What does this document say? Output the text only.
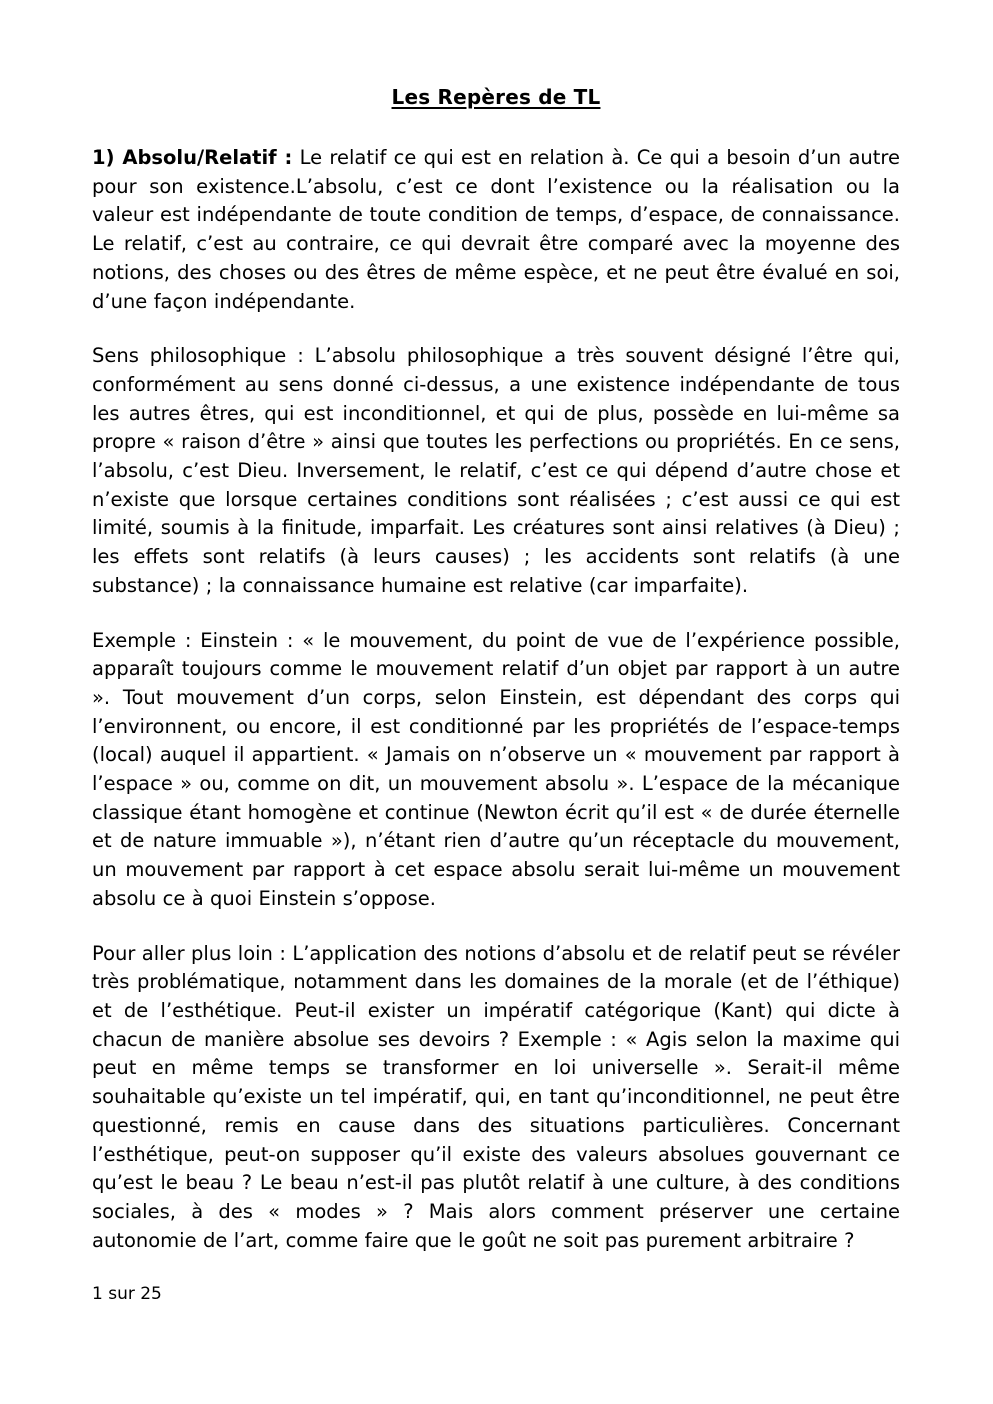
Les Repères de TL

1) Absolu/Relatif : Le relatif ce qui est en relation à. Ce qui a besoin d’un autre pour son existence.L’absolu, c’est ce dont l’existence ou la réalisation ou la valeur est indépendante de toute condition de temps, d’espace, de connaissance. Le relatif, c’est au contraire, ce qui devrait être comparé avec la moyenne des notions, des choses ou des êtres de même espèce, et ne peut être évalué en soi, d’une façon indépendante.

Sens philosophique : L’absolu philosophique a très souvent désigné l’être qui, conformément au sens donné ci-dessus, a une existence indépendante de tous les autres êtres, qui est inconditionnel, et qui de plus, possède en lui-même sa propre « raison d’être » ainsi que toutes les perfections ou propriétés. En ce sens, l’absolu, c’est Dieu. Inversement, le relatif, c’est ce qui dépend d’autre chose et n’existe que lorsque certaines conditions sont réalisées ; c’est aussi ce qui est limité, soumis à la finitude, imparfait. Les créatures sont ainsi relatives (à Dieu) ; les effets sont relatifs (à leurs causes) ; les accidents sont relatifs (à une substance) ; la connaissance humaine est relative (car imparfaite).

Exemple : Einstein : « le mouvement, du point de vue de l’expérience possible, apparaît toujours comme le mouvement relatif d’un objet par rapport à un autre ». Tout mouvement d’un corps, selon Einstein, est dépendant des corps qui l’environnent, ou encore, il est conditionné par les propriétés de l’espace-temps (local) auquel il appartient. « Jamais on n’observe un « mouvement par rapport à l’espace » ou, comme on dit, un mouvement absolu ». L’espace de la mécanique classique étant homogène et continue (Newton écrit qu’il est « de durée éternelle et de nature immuable »), n’étant rien d’autre qu’un réceptacle du mouvement, un mouvement par rapport à cet espace absolu serait lui-même un mouvement absolu ce à quoi Einstein s’oppose.

Pour aller plus loin : L’application des notions d’absolu et de relatif peut se révéler très problématique, notamment dans les domaines de la morale (et de l’éthique) et de l’esthétique. Peut-il exister un impératif catégorique (Kant) qui dicte à chacun de manière absolue ses devoirs ? Exemple : « Agis selon la maxime qui peut en même temps se transformer en loi universelle ». Serait-il même souhaitable qu’existe un tel impératif, qui, en tant qu’inconditionnel, ne peut être questionné, remis en cause dans des situations particulières. Concernant l’esthétique, peut-on supposer qu’il existe des valeurs absolues gouvernant ce qu’est le beau ? Le beau n’est-il pas plutôt relatif à une culture, à des conditions sociales, à des « modes » ? Mais alors comment préserver une certaine autonomie de l’art, comme faire que le goût ne soit pas purement arbitraire ?

1 sur 25
